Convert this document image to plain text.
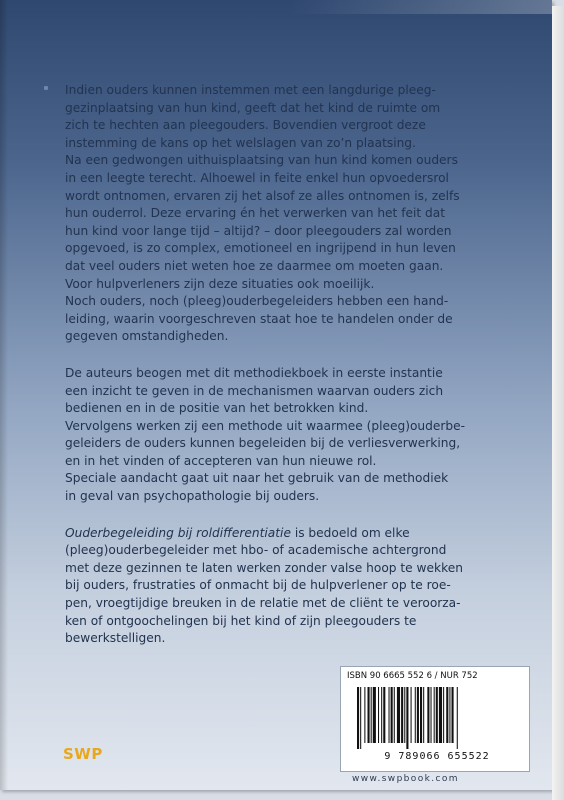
Indien ouders kunnen instemmen met een langdurige pleeg-

gezinplaatsing van hun kind, geeft dat het kind de ruimte om

zich te hechten aan pleegouders. Bovendien vergroot deze

instemming de kans op het welslagen van zo’n plaatsing.

Na een gedwongen uithuisplaatsing van hun kind komen ouders

in een leegte terecht. Alhoewel in feite enkel hun opvoedersrol

wordt ontnomen, ervaren zij het alsof ze alles ontnomen is, zelfs

hun ouderrol. Deze ervaring én het verwerken van het feit dat

hun kind voor lange tijd – altijd? – door pleegouders zal worden

opgevoed, is zo complex, emotioneel en ingrijpend in hun leven

dat veel ouders niet weten hoe ze daarmee om moeten gaan.

Voor hulpverleners zijn deze situaties ook moeilijk.

Noch ouders, noch (pleeg)ouderbegeleiders hebben een hand-

leiding, waarin voorgeschreven staat hoe te handelen onder de

gegeven omstandigheden.

De auteurs beogen met dit methodiekboek in eerste instantie

een inzicht te geven in de mechanismen waarvan ouders zich

bedienen en in de positie van het betrokken kind.

Vervolgens werken zij een methode uit waarmee (pleeg)ouderbe-

geleiders de ouders kunnen begeleiden bij de verliesverwerking,

en in het vinden of accepteren van hun nieuwe rol.

Speciale aandacht gaat uit naar het gebruik van de methodiek

in geval van psychopathologie bij ouders.

Ouderbegeleiding bij roldifferentiatie is bedoeld om elke

(pleeg)ouderbegeleider met hbo- of academische achtergrond

met deze gezinnen te laten werken zonder valse hoop te wekken

bij ouders, frustraties of onmacht bij de hulpverlener op te roe-

pen, vroegtijdige breuken in de relatie met de cliënt te veroorza-

ken of ontgoochelingen bij het kind of zijn pleegouders te

bewerkstelligen.

SWP
ISBN 90 6665 552 6 / NUR 752
9 789066 655522
www.swpbook.com
